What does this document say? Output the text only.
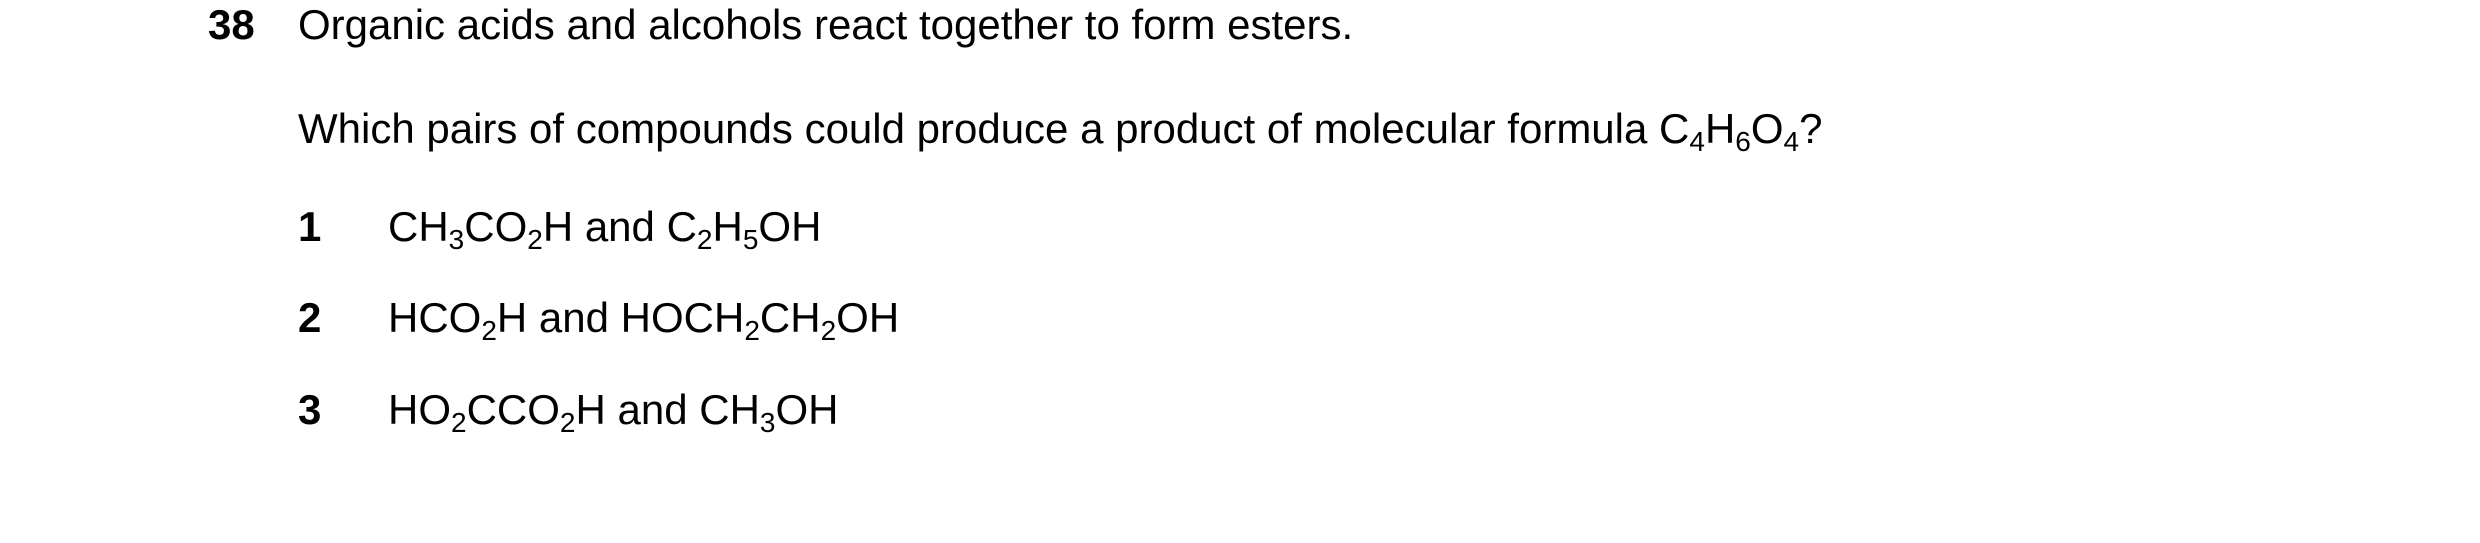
38 Organic acids and alcohols react together to form esters.
Which pairs of compounds could produce a product of molecular formula $C_4H_6O_4$?
1 $CH_3CO_2H$ and $C_2H_5OH$
2 $HCO_2H$ and $HOCH_2CH_2OH$
3 $HO_2CCO_2H$ and $CH_3OH$
